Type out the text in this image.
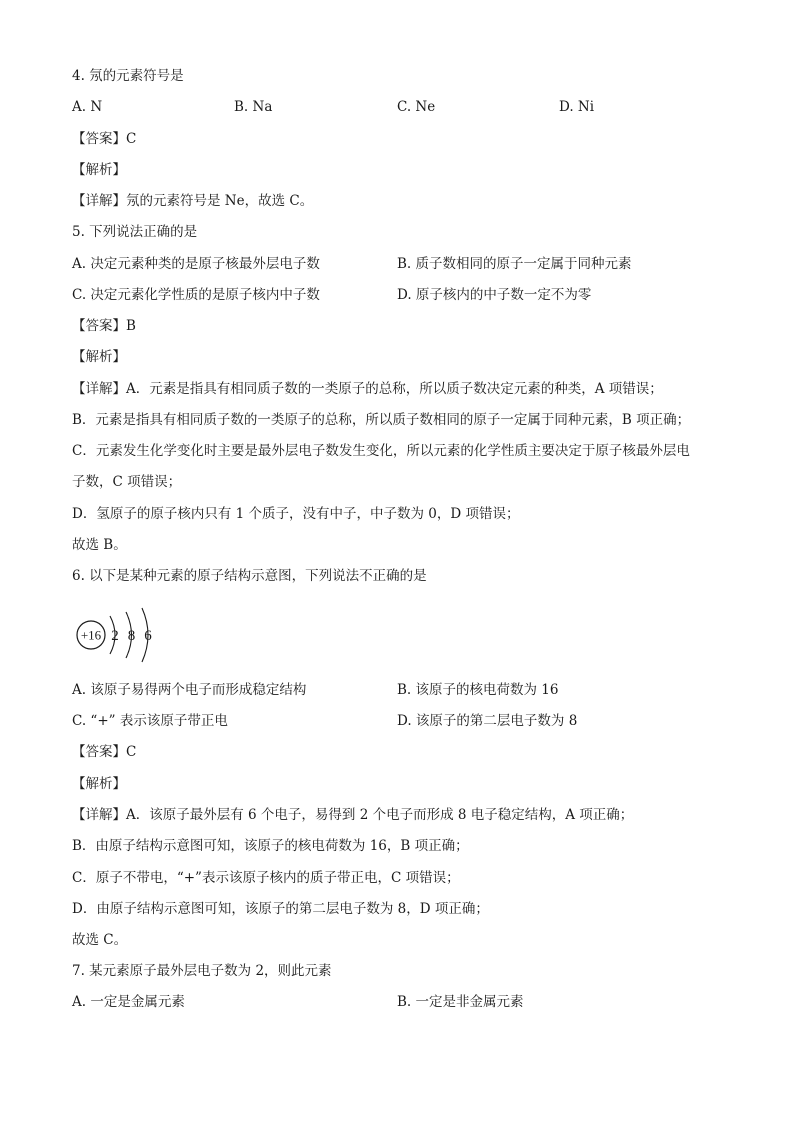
4. 氖的元素符号是
A. N	B. Na	C. Ne	D. Ni
【答案】C
【解析】
【详解】氖的元素符号是 Ne，故选 C。
5. 下列说法正确的是
A. 决定元素种类的是原子核最外层电子数	B. 质子数相同的原子一定属于同种元素
C. 决定元素化学性质的是原子核内中子数	D. 原子核内的中子数一定不为零
【答案】B
【解析】
【详解】A．元素是指具有相同质子数的一类原子的总称，所以质子数决定元素的种类，A 项错误；
B．元素是指具有相同质子数的一类原子的总称，所以质子数相同的原子一定属于同种元素，B 项正确；
C．元素发生化学变化时主要是最外层电子数发生变化，所以元素的化学性质主要决定于原子核最外层电
子数，C 项错误；
D．氢原子的原子核内只有 1 个质子，没有中子，中子数为 0，D 项错误；
故选 B。
6. 以下是某种元素的原子结构示意图，下列说法不正确的是
+16 2 8 6
A. 该原子易得两个电子而形成稳定结构	B. 该原子的核电荷数为 16
C. “+” 表示该原子带正电	D. 该原子的第二层电子数为 8
【答案】C
【解析】
【详解】A．该原子最外层有 6 个电子，易得到 2 个电子而形成 8 电子稳定结构，A 项正确；
B．由原子结构示意图可知，该原子的核电荷数为 16，B 项正确；
C．原子不带电，“+”表示该原子核内的质子带正电，C 项错误；
D．由原子结构示意图可知，该原子的第二层电子数为 8，D 项正确；
故选 C。
7. 某元素原子最外层电子数为 2，则此元素
A. 一定是金属元素	B. 一定是非金属元素
